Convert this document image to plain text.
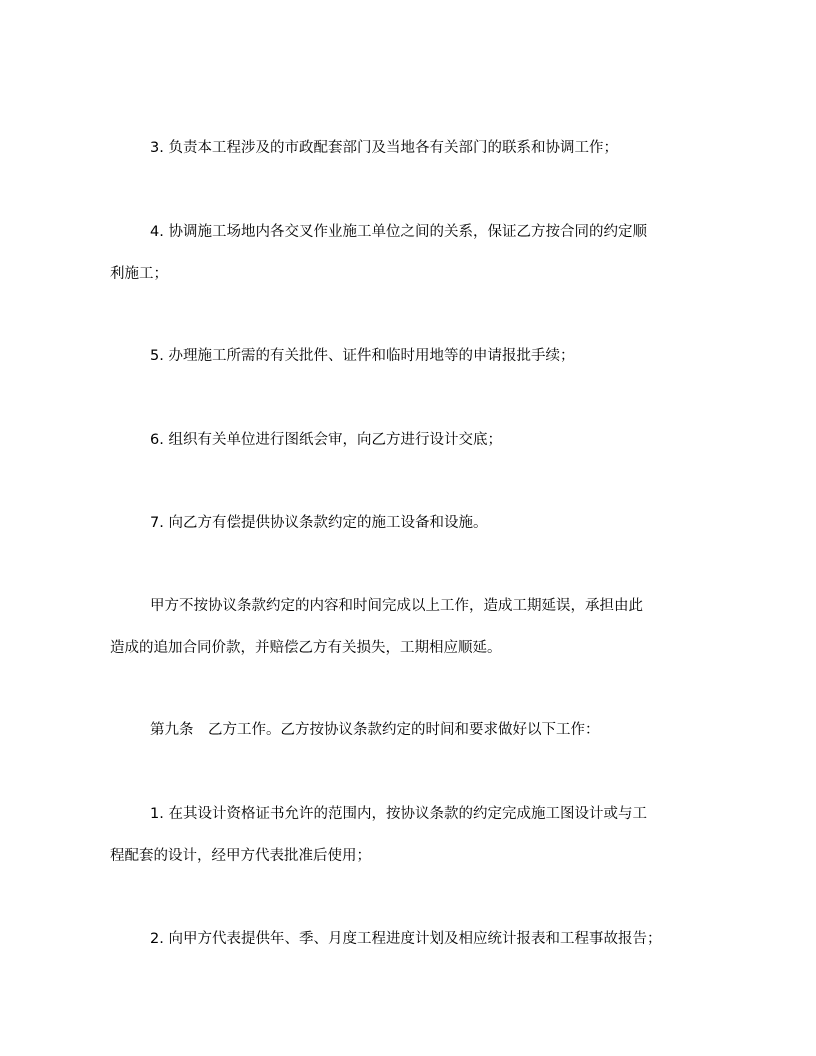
3. 负责本工程涉及的市政配套部门及当地各有关部门的联系和协调工作；
4. 协调施工场地内各交叉作业施工单位之间的关系，保证乙方按合同的约定顺
利施工；
5. 办理施工所需的有关批件、证件和临时用地等的申请报批手续；
6. 组织有关单位进行图纸会审，向乙方进行设计交底；
7. 向乙方有偿提供协议条款约定的施工设备和设施。
甲方不按协议条款约定的内容和时间完成以上工作，造成工期延误，承担由此
造成的追加合同价款，并赔偿乙方有关损失，工期相应顺延。
第九条　乙方工作。乙方按协议条款约定的时间和要求做好以下工作：
1. 在其设计资格证书允许的范围内，按协议条款的约定完成施工图设计或与工
程配套的设计，经甲方代表批准后使用；
2. 向甲方代表提供年、季、月度工程进度计划及相应统计报表和工程事故报告；
